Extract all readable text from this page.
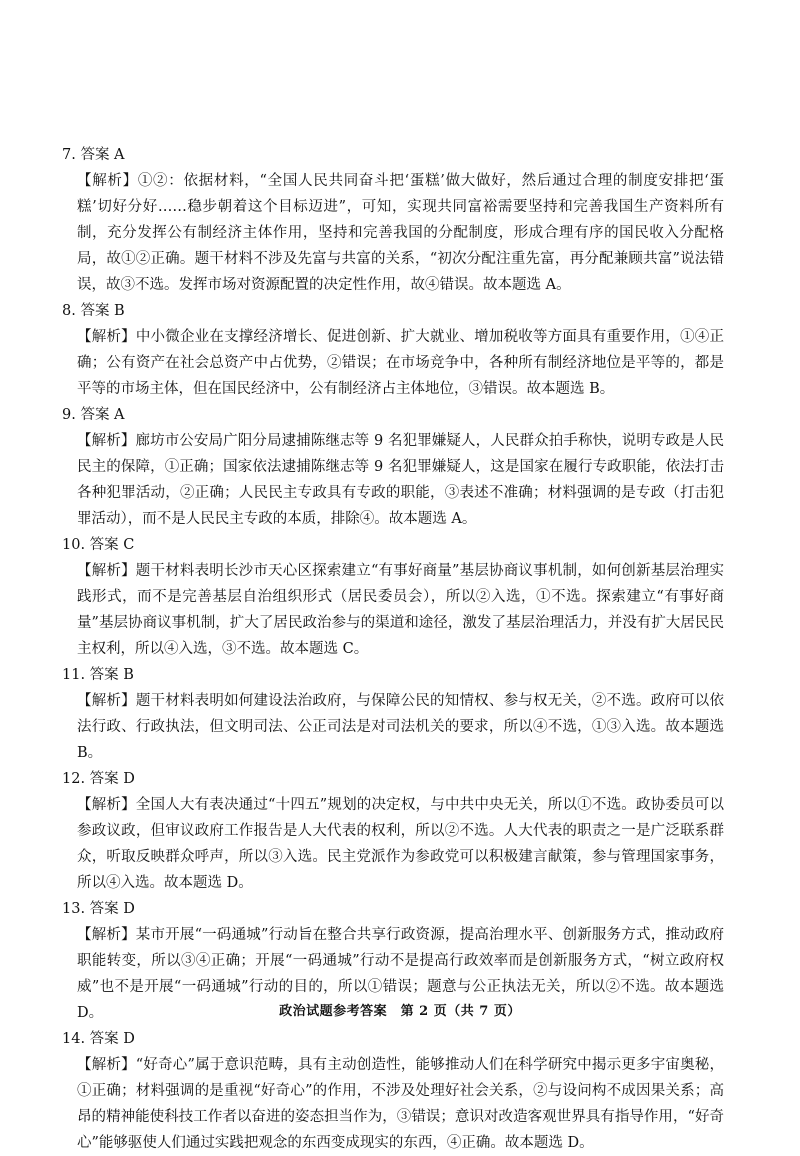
7. 答案 A
【解析】①②：依据材料，“全国人民共同奋斗把‘蛋糕’做大做好，然后通过合理的制度安排把‘蛋糕’切好分好……稳步朝着这个目标迈进”，可知，实现共同富裕需要坚持和完善我国生产资料所有制，充分发挥公有制经济主体作用，坚持和完善我国的分配制度，形成合理有序的国民收入分配格局，故①②正确。题干材料不涉及先富与共富的关系，“初次分配注重先富，再分配兼顾共富”说法错误，故③不选。发挥市场对资源配置的决定性作用，故④错误。故本题选 A。
8. 答案 B
【解析】中小微企业在支撑经济增长、促进创新、扩大就业、增加税收等方面具有重要作用，①④正确；公有资产在社会总资产中占优势，②错误；在市场竞争中，各种所有制经济地位是平等的，都是平等的市场主体，但在国民经济中，公有制经济占主体地位，③错误。故本题选 B。
9. 答案 A
【解析】廊坊市公安局广阳分局逮捕陈继志等 9 名犯罪嫌疑人，人民群众拍手称快，说明专政是人民民主的保障，①正确；国家依法逮捕陈继志等 9 名犯罪嫌疑人，这是国家在履行专政职能，依法打击各种犯罪活动，②正确；人民民主专政具有专政的职能，③表述不准确；材料强调的是专政（打击犯罪活动），而不是人民民主专政的本质，排除④。故本题选 A。
10. 答案 C
【解析】题干材料表明长沙市天心区探索建立“有事好商量”基层协商议事机制，如何创新基层治理实践形式，而不是完善基层自治组织形式（居民委员会），所以②入选，①不选。探索建立“有事好商量”基层协商议事机制，扩大了居民政治参与的渠道和途径，激发了基层治理活力，并没有扩大居民民主权利，所以④入选，③不选。故本题选 C。
11. 答案 B
【解析】题干材料表明如何建设法治政府，与保障公民的知情权、参与权无关，②不选。政府可以依法行政、行政执法，但文明司法、公正司法是对司法机关的要求，所以④不选，①③入选。故本题选 B。
12. 答案 D
【解析】全国人大有表决通过“十四五”规划的决定权，与中共中央无关，所以①不选。政协委员可以参政议政，但审议政府工作报告是人大代表的权利，所以②不选。人大代表的职责之一是广泛联系群众，听取反映群众呼声，所以③入选。民主党派作为参政党可以积极建言献策，参与管理国家事务，所以④入选。故本题选 D。
13. 答案 D
【解析】某市开展“一码通城”行动旨在整合共享行政资源，提高治理水平、创新服务方式，推动政府职能转变，所以③④正确；开展“一码通城”行动不是提高行政效率而是创新服务方式，“树立政府权威”也不是开展“一码通城”行动的目的，所以①错误；题意与公正执法无关，所以②不选。故本题选 D。
14. 答案 D
【解析】“好奇心”属于意识范畴，具有主动创造性，能够推动人们在科学研究中揭示更多宇宙奥秘，①正确；材料强调的是重视“好奇心”的作用，不涉及处理好社会关系，②与设问构不成因果关系；高昂的精神能使科技工作者以奋进的姿态担当作为，③错误；意识对改造客观世界具有指导作用，“好奇心”能够驱使人们通过实践把观念的东西变成现实的东西，④正确。故本题选 D。
政治试题参考答案　第 2 页（共 7 页）
